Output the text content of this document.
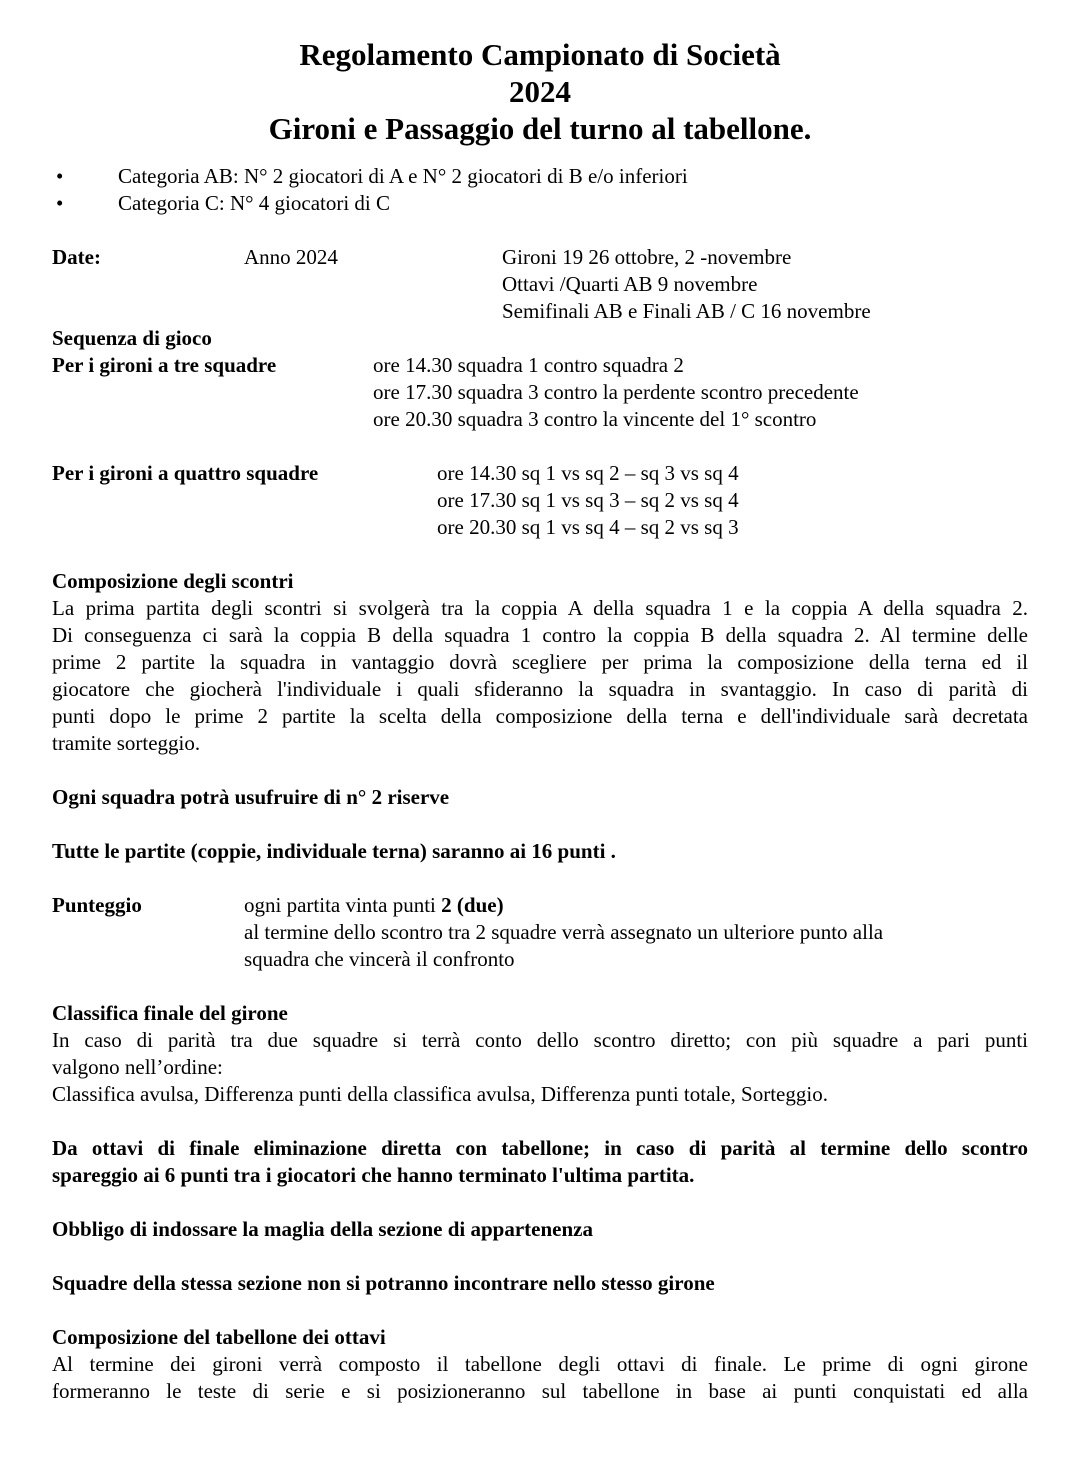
Regolamento Campionato di Società
2024
Gironi e Passaggio del turno al tabellone.
•	Categoria AB: N° 2 giocatori di A e N° 2 giocatori di B e/o inferiori
•	Categoria C: N° 4 giocatori di C
Date:	Anno 2024	Gironi 19 26 ottobre, 2 -novembre
Ottavi /Quarti AB 9 novembre
Semifinali AB e Finali AB / C 16 novembre
Sequenza di gioco
Per i gironi a tre squadre	ore 14.30 squadra 1 contro squadra 2
ore 17.30 squadra 3 contro la perdente scontro precedente
ore 20.30 squadra 3 contro la vincente del 1° scontro
Per i gironi a quattro squadre	ore 14.30 sq 1 vs sq 2 – sq 3 vs sq 4
ore 17.30 sq 1 vs sq 3 – sq 2 vs sq 4
ore 20.30 sq 1 vs sq 4 – sq 2 vs sq 3
Composizione degli scontri
La prima partita degli scontri si svolgerà tra la coppia A della squadra 1 e la coppia A della squadra 2.
Di conseguenza ci sarà la coppia B della squadra 1 contro la coppia B della squadra 2. Al termine delle
prime 2 partite la squadra in vantaggio dovrà scegliere per prima la composizione della terna ed il
giocatore che giocherà l'individuale i quali sfideranno la squadra in svantaggio. In caso di parità di
punti dopo le prime 2 partite la scelta della composizione della terna e dell'individuale sarà decretata
tramite sorteggio.
Ogni squadra potrà usufruire di n° 2 riserve
Tutte le partite (coppie, individuale terna) saranno ai 16 punti .
Punteggio	ogni partita vinta punti 2 (due)
al termine dello scontro tra 2 squadre verrà assegnato un ulteriore punto alla
squadra che vincerà il confronto
Classifica finale del girone
In caso di parità tra due squadre si terrà conto dello scontro diretto; con più squadre a pari punti
valgono nell’ordine:
Classifica avulsa, Differenza punti della classifica avulsa, Differenza punti totale, Sorteggio.
Da ottavi di finale eliminazione diretta con tabellone; in caso di parità al termine dello scontro
spareggio ai 6 punti tra i giocatori che hanno terminato l'ultima partita.
Obbligo di indossare la maglia della sezione di appartenenza
Squadre della stessa sezione non si potranno incontrare nello stesso girone
Composizione del tabellone dei ottavi
Al termine dei gironi verrà composto il tabellone degli ottavi di finale. Le prime di ogni girone
formeranno le teste di serie e si posizioneranno sul tabellone in base ai punti conquistati ed alla
